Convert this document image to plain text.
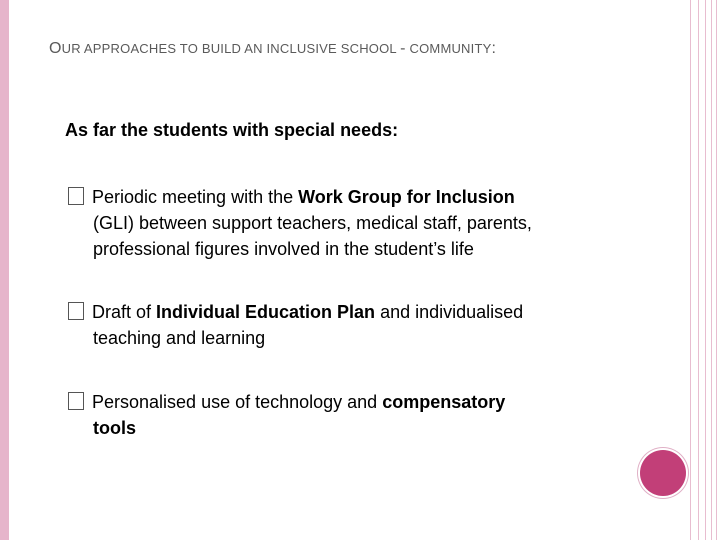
OUR APPROACHES TO BUILD AN INCLUSIVE SCHOOL - COMMUNITY:
As far the students with special needs:
Periodic meeting with the Work Group for Inclusion
(GLI) between support teachers, medical staff, parents,
professional figures involved in the student’s life
Draft of Individual Education Plan and individualised
teaching and learning
Personalised use of technology and compensatory
tools
